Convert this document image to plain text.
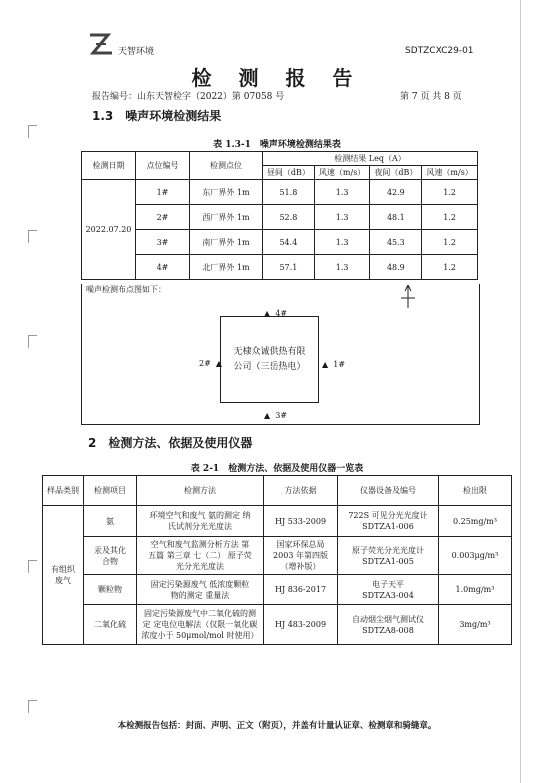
天智环境	SDTZCXC29-01
检 测 报 告
报告编号：山东天智检字（2022）第 07058 号	第 7 页 共 8 页
1.3　噪声环境检测结果
表 1.3-1　噪声环境检测结果表
检测日期	点位编号	检测点位	检测结果 Leq（A）			
			昼间（dB）	风速（m/s）	夜间（dB）	风速（m/s）
2022.07.20	1#	东厂界外 1m	51.8	1.3	42.9	1.2
	2#	西厂界外 1m	52.8	1.3	48.1	1.2
	3#	南厂界外 1m	54.4	1.3	45.3	1.2
	4#	北厂界外 1m	57.1	1.3	48.9	1.2
噪声检测布点图如下：
无棣众诚供热有限
公司（三岳热电）
▲ 4#
2# ▲	▲ 1#
▲ 3#
2　检测方法、依据及使用仪器
表 2-1　检测方法、依据及使用仪器一览表
样品类别	检测项目	检测方法	方法依据	仪器设备及编号	检出限
有组织废气	氨	环境空气和废气 氨的测定 纳氏试剂分光光度法	HJ 533-2009	722S 可见分光光度计 SDTZA1-006	0.25mg/m³
	汞及其化合物	空气和废气监测分析方法 第五篇 第三章 七（二） 原子荧光分光光度法	国家环保总局 2003 年第四版 （增补版）	原子荧光分光光度计 SDTZA1-005	0.003μg/m³
	颗粒物	固定污染源废气 低浓度颗粒物的测定 重量法	HJ 836-2017	电子天平 SDTZA3-004	1.0mg/m³
	二氧化硫	固定污染源废气中二氧化硫的测定 定电位电解法（仅限一氧化碳浓度小于 50μmol/mol 时使用）	HJ 483-2009	自动烟尘烟气测试仪 SDTZA8-008	3mg/m³
本检测报告包括：封面、声明、正文（附页），并盖有计量认证章、检测章和骑缝章。
